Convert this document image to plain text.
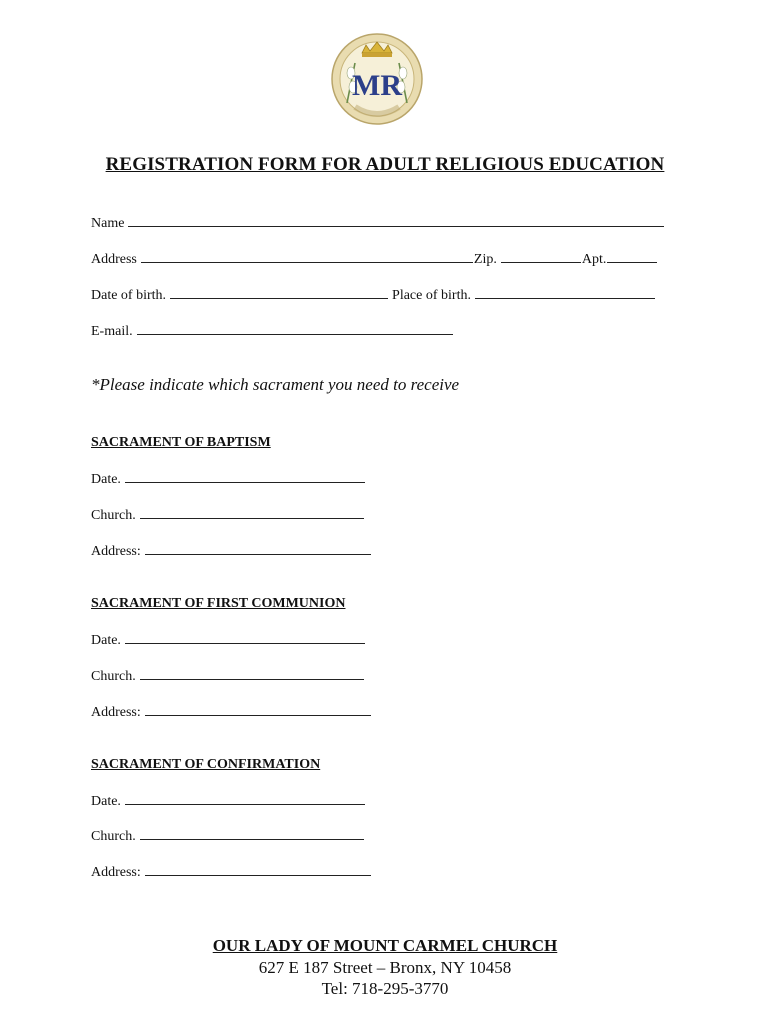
MR
REGISTRATION FORM FOR ADULT RELIGIOUS EDUCATION
Name
Address	Zip.	Apt.
Date of birth.	Place of birth.
E-mail.
*Please indicate which sacrament you need to receive
SACRAMENT OF BAPTISM
Date.
Church.
Address:
SACRAMENT OF FIRST COMMUNION
Date.
Church.
Address:
SACRAMENT OF CONFIRMATION
Date.
Church.
Address:
OUR LADY OF MOUNT CARMEL CHURCH
627 E 187 Street – Bronx, NY 10458
Tel: 718-295-3770
